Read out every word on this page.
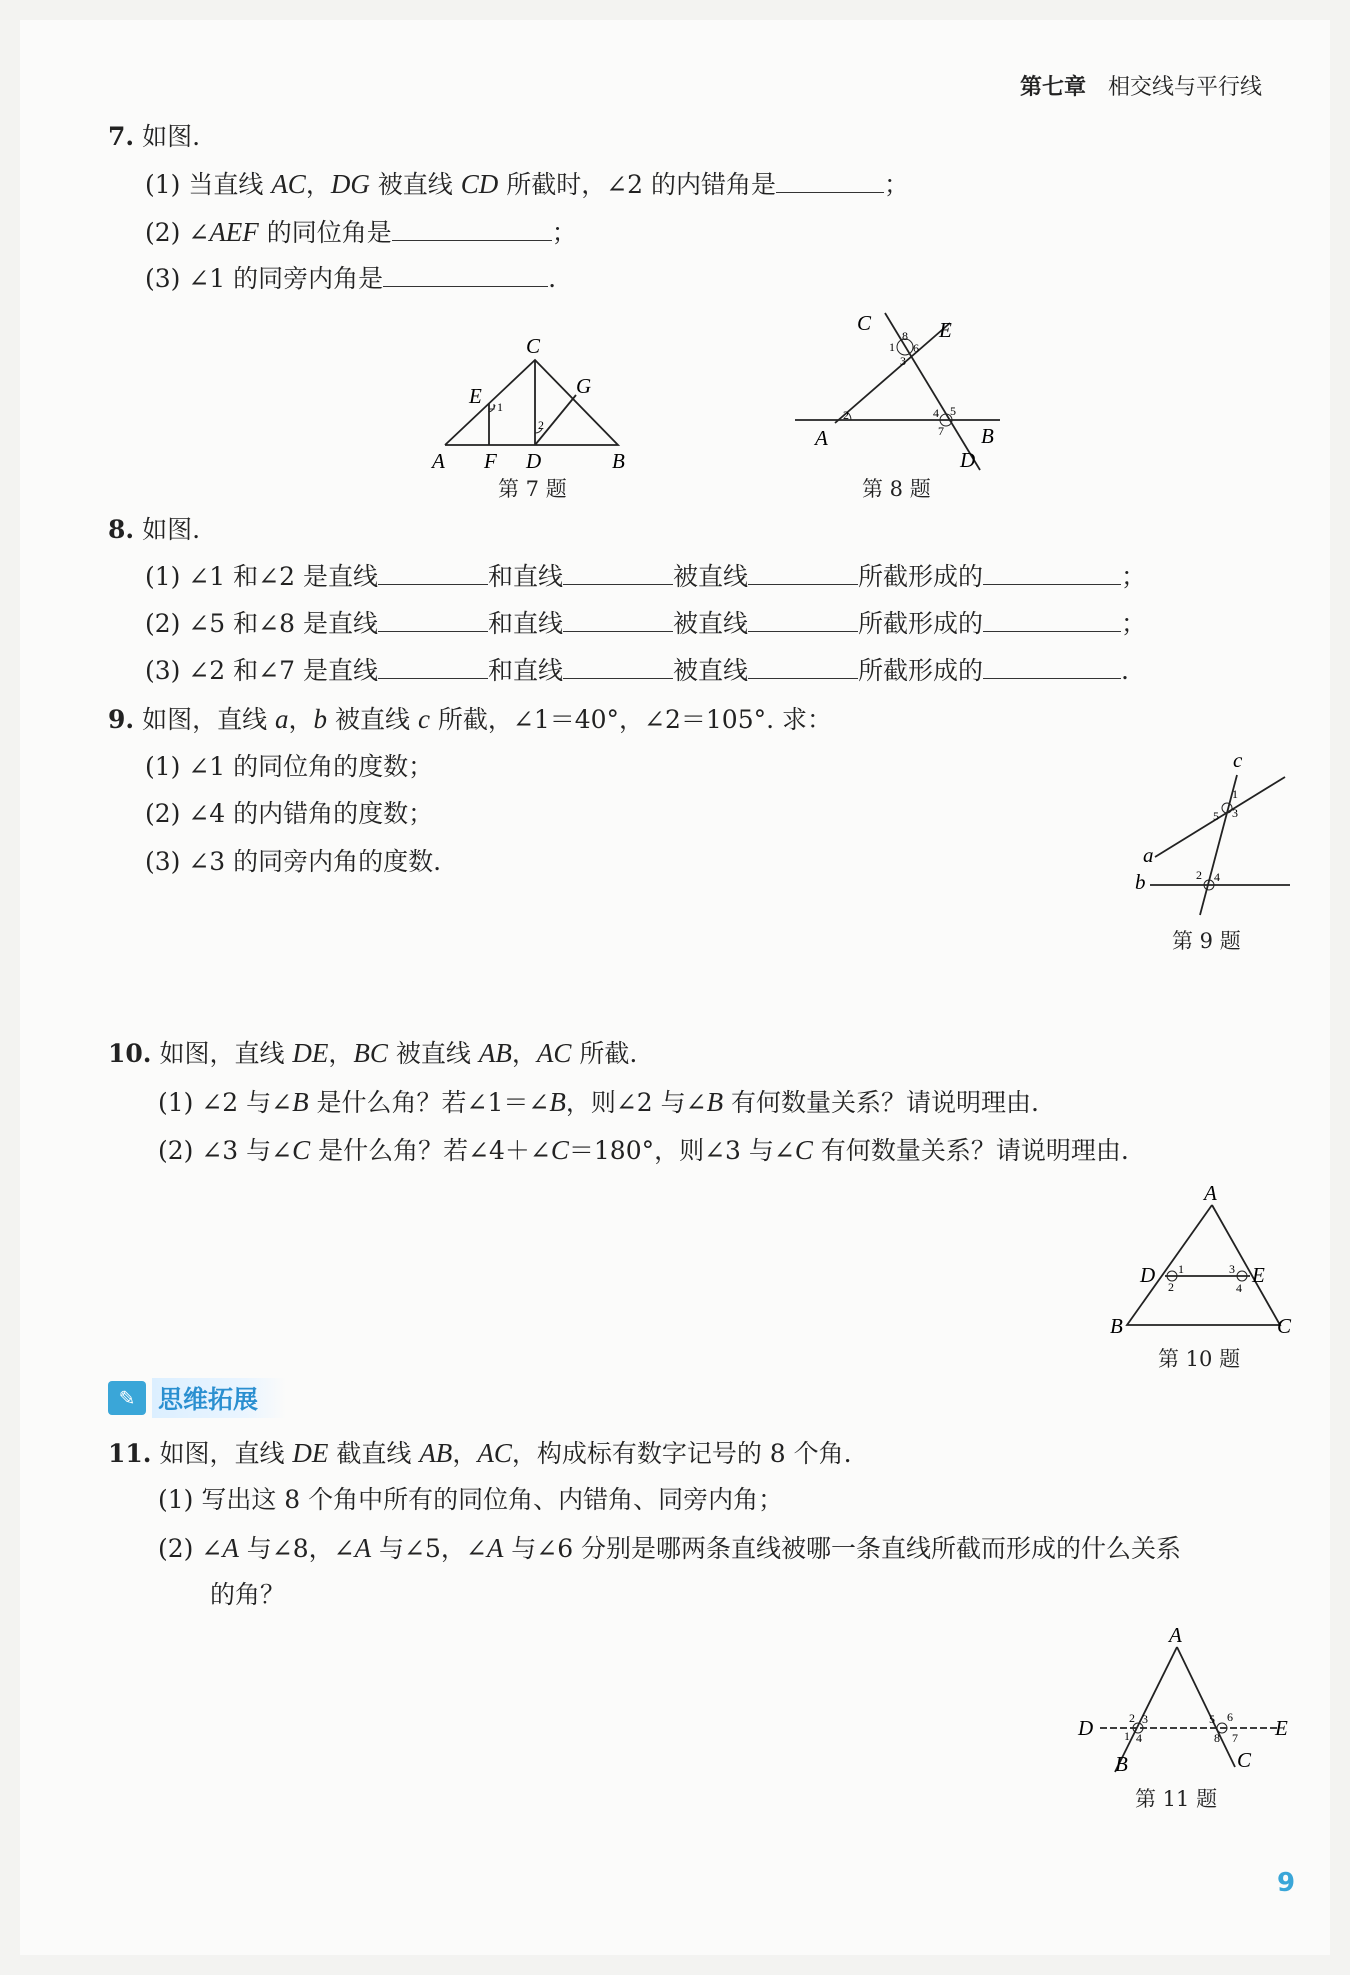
第七章 相交线与平行线
7. 如图.
(1) 当直线 AC，DG 被直线 CD 所截时，∠2 的内错角是	；
(2) ∠AEF 的同位角是	；
(3) ∠1 的同旁内角是	.
C
E	G
A F D	B
1
2
第 7 题
C	E
A	B
D
8
1 6
3
2	4 5
7
第 8 题
8. 如图.
(1) ∠1 和∠2 是直线	和直线	被直线	所截形成的	；
(2) ∠5 和∠8 是直线	和直线	被直线	所截形成的	；
(3) ∠2 和∠7 是直线	和直线	被直线	所截形成的	.
9. 如图，直线 a，b 被直线 c 所截，∠1＝40°，∠2＝105°. 求：
(1) ∠1 的同位角的度数；
(2) ∠4 的内错角的度数；
(3) ∠3 的同旁内角的度数.
c
a
b
1
5 3
2 4
第 9 题
10. 如图，直线 DE，BC 被直线 AB，AC 所截.
(1) ∠2 与∠B 是什么角？若∠1＝∠B，则∠2 与∠B 有何数量关系？请说明理由.
(2) ∠3 与∠C 是什么角？若∠4＋∠C＝180°，则∠3 与∠C 有何数量关系？请说明理由.
A
D	E
B	C
1
2
3
4
第 10 题
✎ 思维拓展
11. 如图，直线 DE 截直线 AB，AC，构成标有数字记号的 8 个角.
(1) 写出这 8 个角中所有的同位角、内错角、同旁内角；
(2) ∠A 与∠8，∠A 与∠5，∠A 与∠6 分别是哪两条直线被哪一条直线所截而形成的什么关系
的角？
A
D	E
B	C
2 3
1 4
5 6
8 7
第 11 题
9
